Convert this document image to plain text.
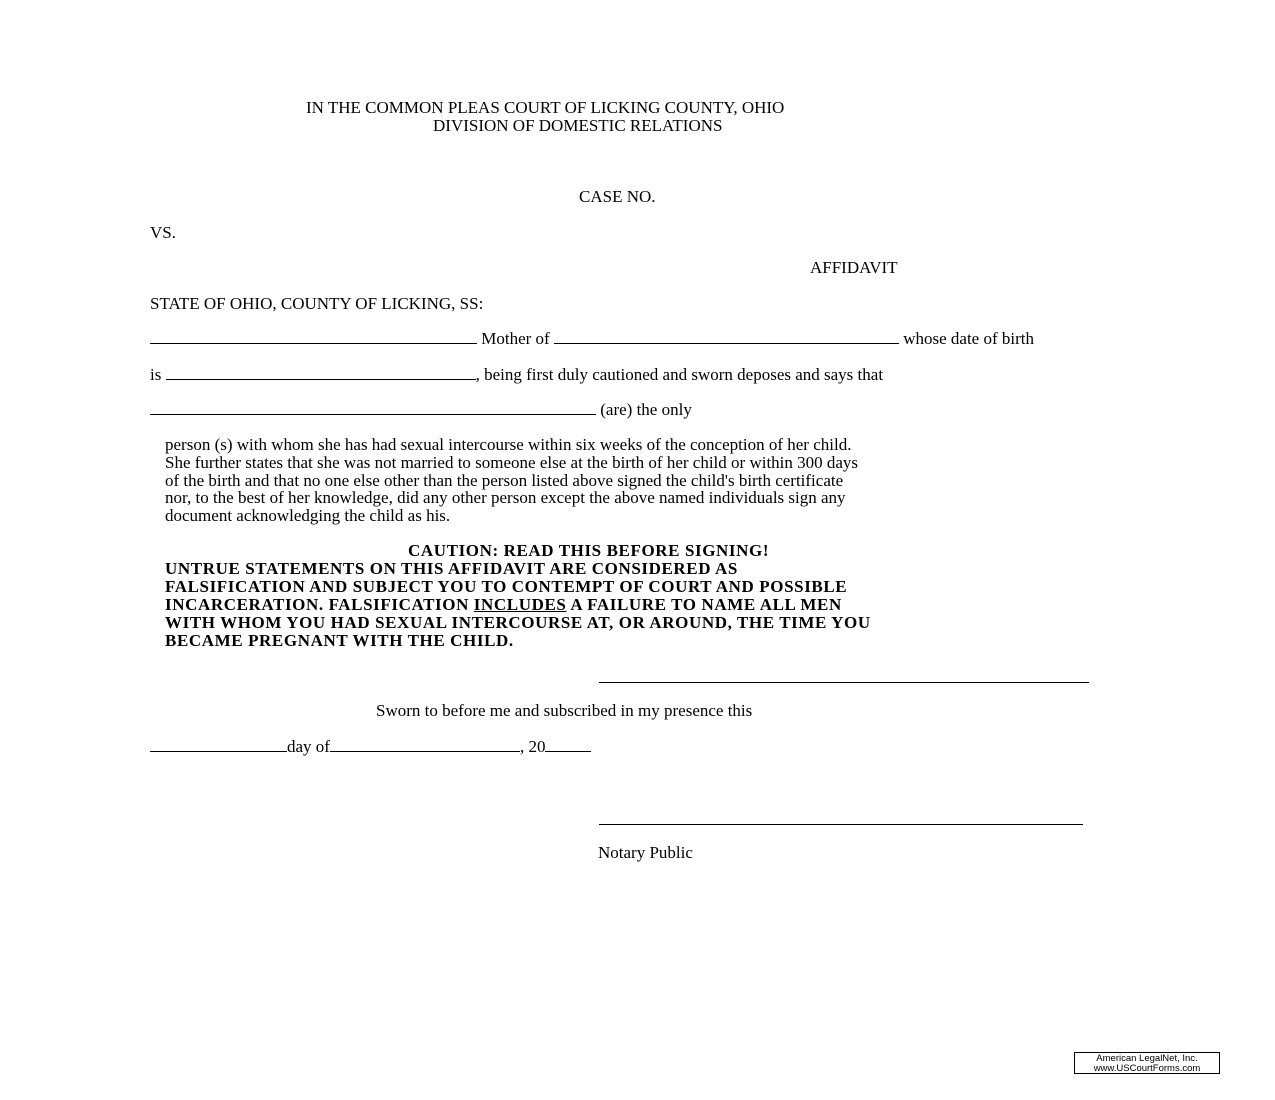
IN THE COMMON PLEAS COURT OF LICKING COUNTY, OHIO
DIVISION OF DOMESTIC RELATIONS
CASE NO.
VS.
AFFIDAVIT
STATE OF OHIO, COUNTY OF LICKING, SS:
Mother of	whose date of birth
is	, being first duly cautioned and sworn deposes and says that
(are) the only
person (s) with whom she has had sexual intercourse within six weeks of the conception of her child.
She further states that she was not married to someone else at the birth of her child or within 300 days
of the birth and that no one else other than the person listed above signed the child's birth certificate
nor, to the best of her knowledge, did any other person except the above named individuals sign any
document acknowledging the child as his.
CAUTION: READ THIS BEFORE SIGNING!
UNTRUE STATEMENTS ON THIS AFFIDAVIT ARE CONSIDERED AS
FALSIFICATION AND SUBJECT YOU TO CONTEMPT OF COURT AND POSSIBLE
INCARCERATION. FALSIFICATION INCLUDES A FAILURE TO NAME ALL MEN
WITH WHOM YOU HAD SEXUAL INTERCOURSE AT, OR AROUND, THE TIME YOU
BECAME PREGNANT WITH THE CHILD.
Sworn to before me and subscribed in my presence this
day of	, 20
Notary Public
American LegalNet, Inc.
www.USCourtForms.com
